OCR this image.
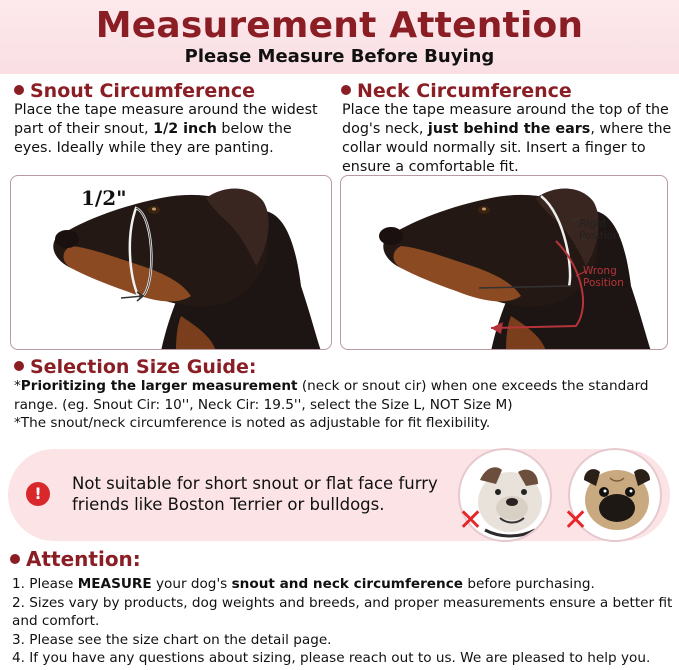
Measurement Attention
Please Measure Before Buying
Snout Circumference
Place the tape measure around the widest part of their snout, 1/2 inch below the eyes. Ideally while they are panting.
Neck Circumference
Place the tape measure around the top of the dog's neck, just behind the ears, where the collar would normally sit. Insert a finger to ensure a comfortable fit.
1/2"
Right
Position
Wrong
Position
Selection Size Guide:
*Prioritizing the larger measurement (neck or snout cir) when one exceeds the standard range. (eg. Snout Cir: 10'', Neck Cir: 19.5'', select the Size L, NOT Size M)
*The snout/neck circumference is noted as adjustable for fit flexibility.
!
Not suitable for short snout or flat face furry friends like Boston Terrier or bulldogs.	✕	✕
Attention:
1. Please MEASURE your dog's snout and neck circumference before purchasing.
2. Sizes vary by products, dog weights and breeds, and proper measurements ensure a better fit and comfort.
3. Please see the size chart on the detail page.
4. If you have any questions about sizing, please reach out to us. We are pleased to help you.
